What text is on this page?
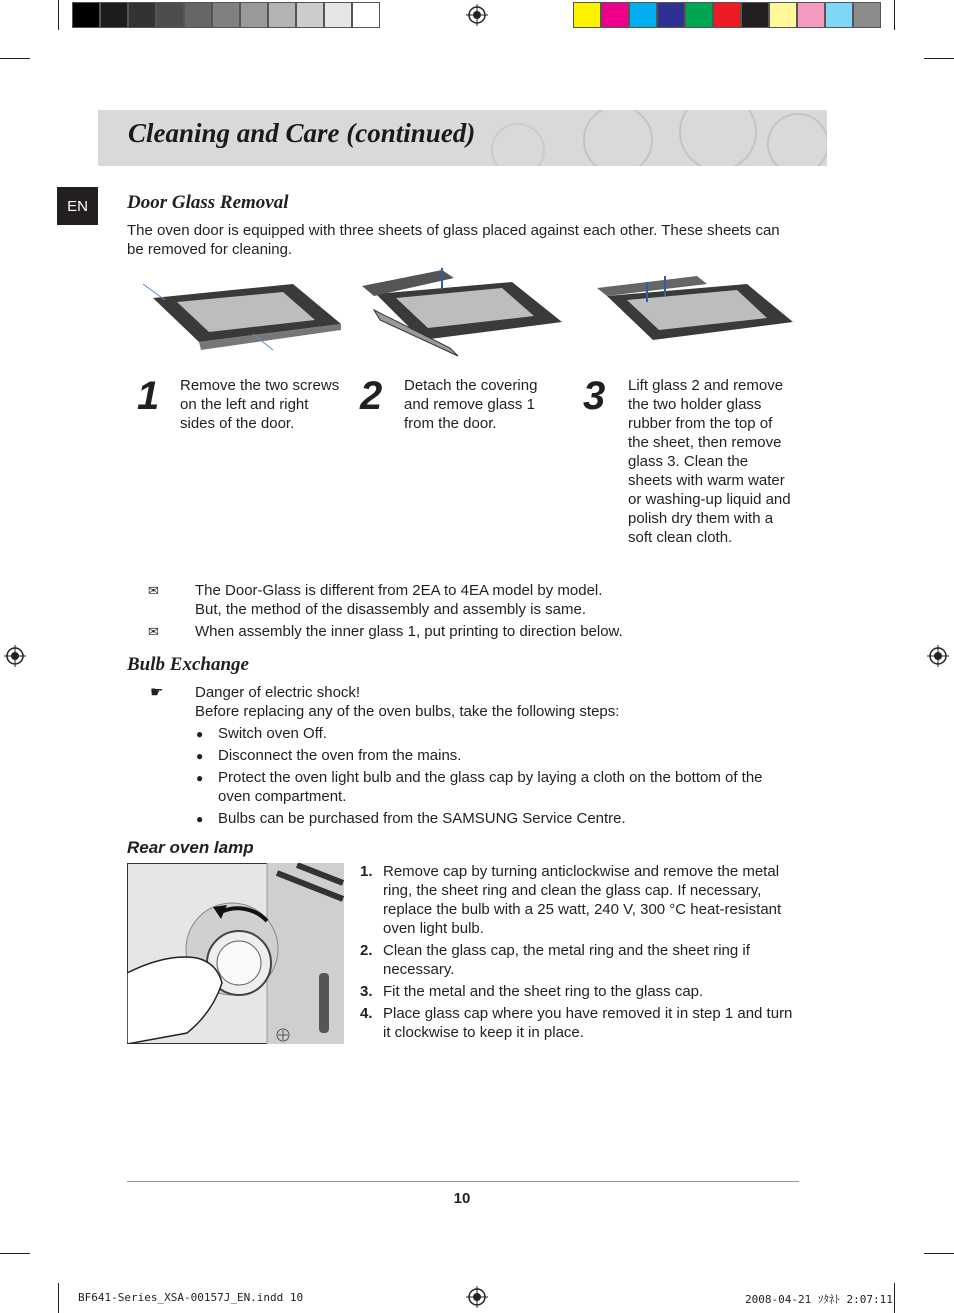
Cleaning and Care (continued)
EN	Door Glass Removal
The oven door is equipped with three sheets of glass placed against each other. These sheets can be removed for cleaning.
1 Remove the two screws on the left and right sides of the door.
2 Detach the covering and remove glass 1 from the door.
3 Lift glass 2 and remove the two holder glass rubber from the top of the sheet, then remove glass 3. Clean the sheets with warm water or washing-up liquid and polish dry them with a soft clean cloth.
✉ The Door-Glass is different from 2EA to 4EA model by model.
But, the method of the disassembly and assembly is same.
✉ When assembly the inner glass 1, put printing to direction below.
Bulb Exchange
☛ Danger of electric shock!
Before replacing any of the oven bulbs, take the following steps:
● Switch oven Off.
● Disconnect the oven from the mains.
● Protect the oven light bulb and the glass cap by laying a cloth on the bottom of the oven compartment.
● Bulbs can be purchased from the SAMSUNG Service Centre.
Rear oven lamp
1. Remove cap by turning anticlockwise and remove the metal ring, the sheet ring and clean the glass cap. If necessary, replace the bulb with a 25 watt, 240 V, 300 °C heat-resistant oven light bulb.
2. Clean the glass cap, the metal ring and the sheet ring if necessary.
3. Fit the metal and the sheet ring to the glass cap.
4. Place glass cap where you have removed it in step 1 and turn it clockwise to keep it in place.
10
BF641-Series_XSA-00157J_EN.indd 10	2008-04-21 ｿﾀﾈﾄ 2:07:11
